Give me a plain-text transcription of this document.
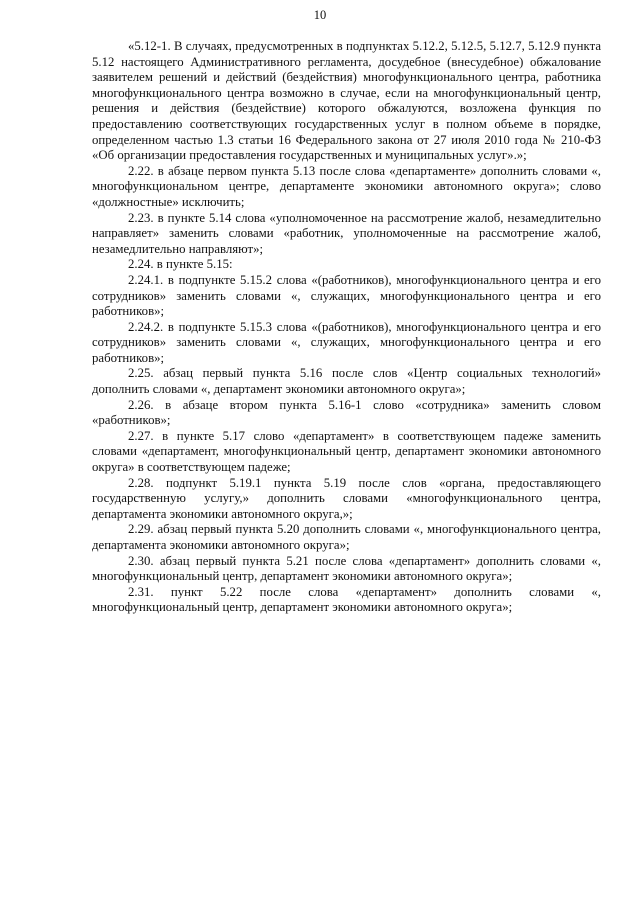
10

«5.12-1. В случаях, предусмотренных в подпунктах 5.12.2, 5.12.5, 5.12.7, 5.12.9 пункта 5.12 настоящего Административного регламента, досудебное (внесудебное) обжалование заявителем решений и действий (бездействия) многофункционального центра, работника многофункционального центра возможно в случае, если на многофункциональный центр, решения и действия (бездействие) которого обжалуются, возложена функция по предоставлению соответствующих государственных услуг в полном объеме в порядке, определенном частью 1.3 статьи 16 Федерального закона от 27 июля 2010 года № 210-ФЗ «Об организации предоставления государственных и муниципальных услуг».»;

2.22. в абзаце первом пункта 5.13 после слова «департаменте» дополнить словами «, многофункциональном центре, департаменте экономики автономного округа»; слово «должностные» исключить;

2.23. в пункте 5.14 слова «уполномоченное на рассмотрение жалоб, незамедлительно направляет» заменить словами «работник, уполномоченные на рассмотрение жалоб, незамедлительно направляют»;

2.24. в пункте 5.15:

2.24.1. в подпункте 5.15.2 слова «(работников), многофункционального центра и его сотрудников» заменить словами «, служащих, многофункционального центра и его работников»;

2.24.2. в подпункте 5.15.3 слова «(работников), многофункционального центра и его сотрудников» заменить словами «, служащих, многофункционального центра и его работников»;

2.25. абзац первый пункта 5.16 после слов «Центр социальных технологий» дополнить словами «, департамент экономики автономного округа»;

2.26. в абзаце втором пункта 5.16-1 слово «сотрудника» заменить словом «работников»;

2.27. в пункте 5.17 слово «департамент» в соответствующем падеже заменить словами «департамент, многофункциональный центр, департамент экономики автономного округа» в соответствующем падеже;

2.28. подпункт 5.19.1 пункта 5.19 после слов «органа, предоставляющего государственную услугу,» дополнить словами «многофункционального центра, департамента экономики автономного округа,»;

2.29. абзац первый пункта 5.20 дополнить словами «, многофункционального центра, департамента экономики автономного округа»;

2.30. абзац первый пункта 5.21 после слова «департамент» дополнить словами «, многофункциональный центр, департамент экономики автономного округа»;

2.31. пункт 5.22 после слова «департамент» дополнить словами «, многофункциональный центр, департамент экономики автономного округа»;
